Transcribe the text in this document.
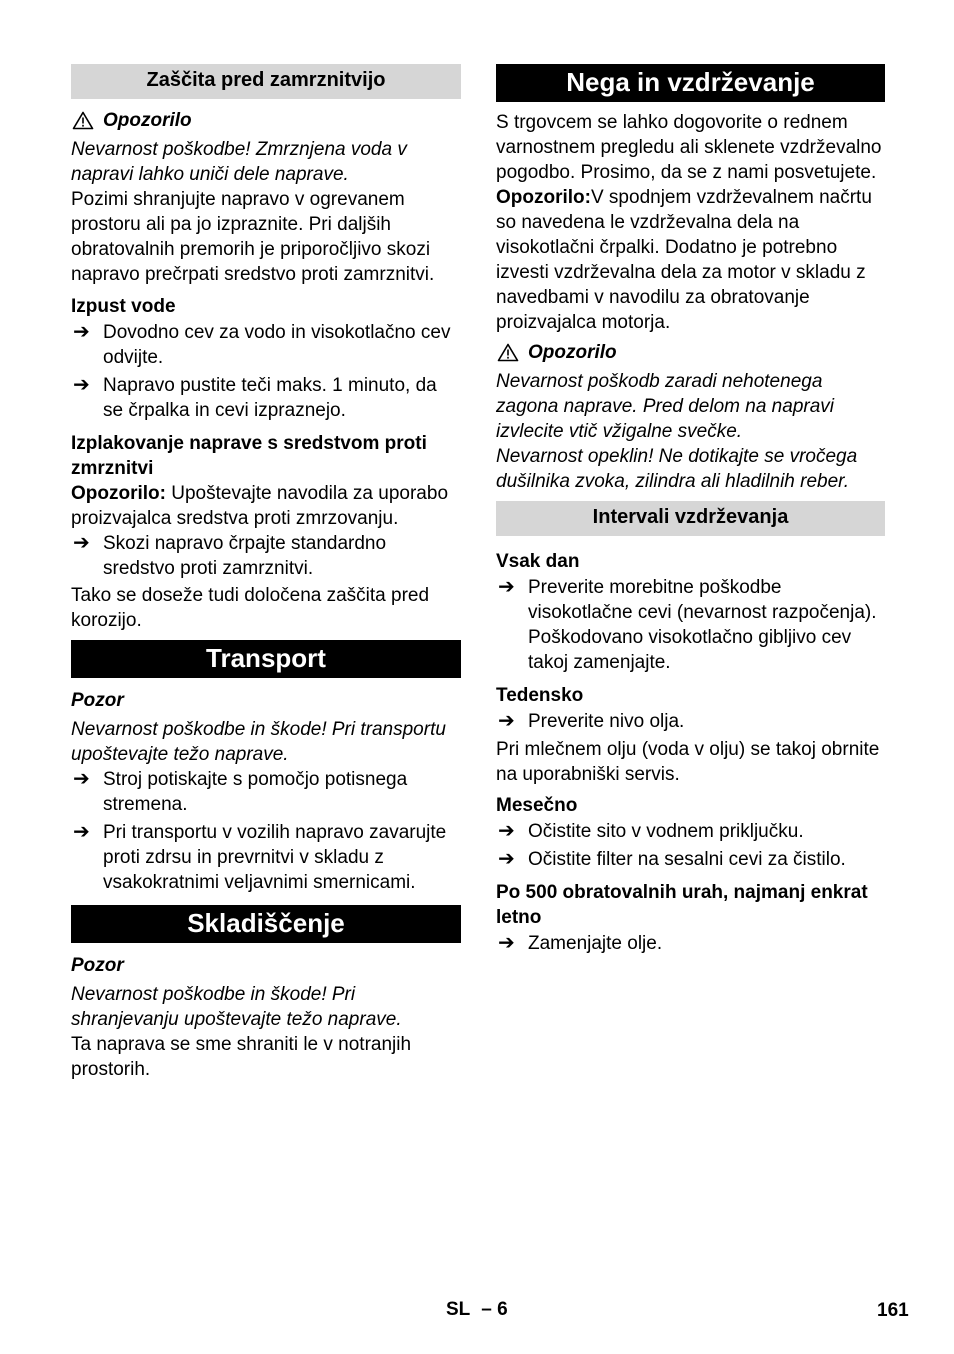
Zaščita pred zamrznitvijo
Opozorilo

Nevarnost poškodbe! Zmrznjena voda v napravi lahko uniči dele naprave.

Pozimi shranjujte napravo v ogrevanem prostoru ali pa jo izpraznite. Pri daljših obratovalnih premorih je priporočljivo skozi napravo prečrpati sredstvo proti zamrznitvi.

Izpust vode

➔ Dovodno cev za vodo in visokotlačno cev odvijte.
➔ Napravo pustite teči maks. 1 minuto, da se črpalka in cevi izpraznejo.

Izplakovanje naprave s sredstvom proti zmrznitvi

Opozorilo: Upoštevajte navodila za uporabo proizvajalca sredstva proti zmrzovanju.

➔ Skozi napravo črpajte standardno sredstvo proti zamrznitvi.

Tako se doseže tudi določena zaščita pred korozijo.

Transport

Pozor

Nevarnost poškodbe in škode! Pri transportu upoštevajte težo naprave.

➔ Stroj potiskajte s pomočjo potisnega stremena.
➔ Pri transportu v vozilih napravo zavarujte proti zdrsu in prevrnitvi v skladu z vsakokratnimi veljavnimi smernicami.
Skladiščenje

Pozor

Nevarnost poškodbe in škode! Pri shranjevanju upoštevajte težo naprave.

Ta naprava se sme shraniti le v notranjih prostorih.

Nega in vzdrževanje

S trgovcem se lahko dogovorite o rednem varnostnem pregledu ali sklenete vzdrževalno pogodbo. Prosimo, da se z nami posvetujete.

Opozorilo:V spodnjem vzdrževalnem načrtu so navedena le vzdrževalna dela na visokotlačni črpalki. Dodatno je potrebno izvesti vzdrževalna dela za motor v skladu z navedbami v navodilu za obratovanje proizvajalca motorja.

Opozorilo

Nevarnost poškodb zaradi nehotenega zagona naprave. Pred delom na napravi izvlecite vtič vžigalne svečke.

Nevarnost opeklin! Ne dotikajte se vročega dušilnika zvoka, zilindra ali hladilnih reber.

Intervali vzdrževanja

Vsak dan

➔ Preverite morebitne poškodbe visokotlačne cevi (nevarnost razpočenja). Poškodovano visokotlačno gibljivo cev takoj zamenjajte.

Tedensko

➔ Preverite nivo olja.

Pri mlečnem olju (voda v olju) se takoj obrnite na uporabniški servis.

Mesečno

➔ Očistite sito v vodnem priključku.
➔ Očistite filter na sesalni cevi za čistilo.

Po 500 obratovalnih urah, najmanj enkrat letno

➔ Zamenjajte olje.
SL – 6	161
